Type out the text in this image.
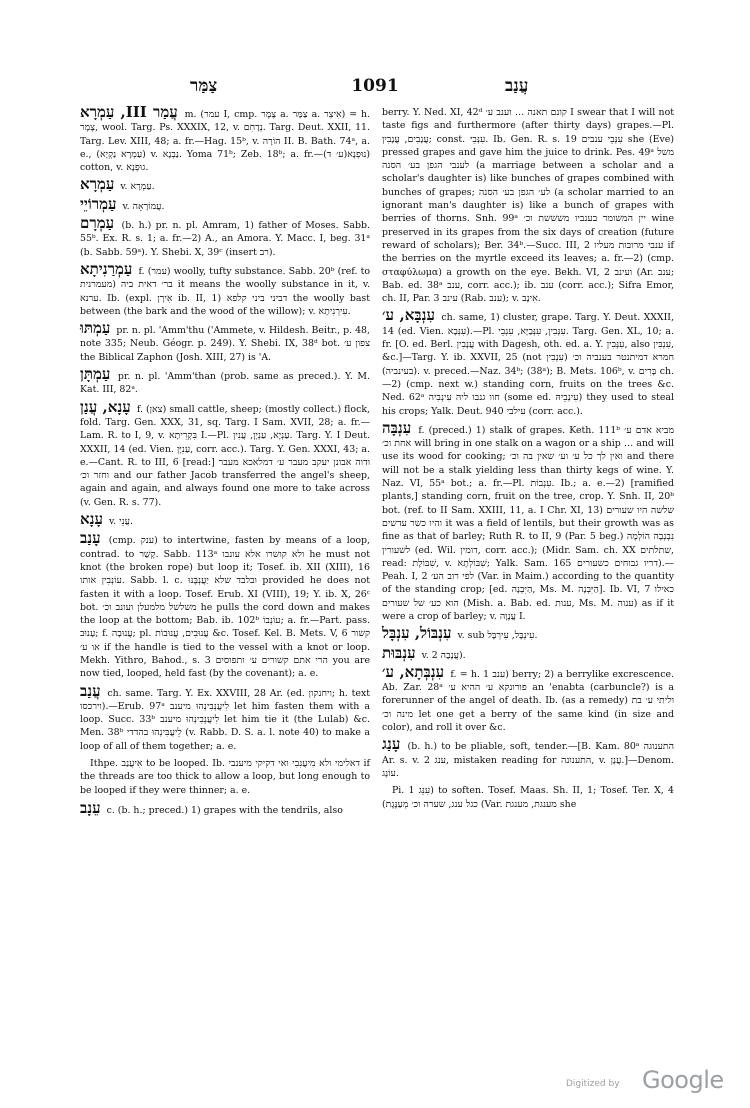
צַמַּר	1091	עֲנַב

עֲמַר III, עַמְרָא m. (עמר I, cmp. צֶמֶר a. צַמָּר a. אִיצְר) = h. צֶמֶר, wool. Targ. Ps. XXXIX, 12, v. נְדָחִם. Targ. Deut. XXII, 11. Targ. Lev. XIII, 48; a. fr.—Hag. 15ᵇ, v. הוֹרָה II. B. Bath. 74ᵃ, a. e., (עַמְרָא נַקְיָא) v. נַבְנָא. Yoma 71ᵇ; Zeb. 18ᵇ; a. fr.—(ע׳ ד)נוּפְנָא) cotton, v. גוּפְנָא.

עַמְרָא v. עַמְרָא.

עַמְרוֹיֵי v. עֲמוֹרָאָה.

עַמְרָם (b. h.) pr. n. pl. Amram, 1) father of Moses. Sabb. 55ᵇ. Ex. R. s. 1; a. fr.—2) A., an Amora. Y. Macc. I, beg. 31ᵃ (b. Sabb. 59ᵃ). Y. Shebi. X, 39ᶜ (insert רב).

עַמְרַנִיתָא f. (עמר) woolly, tufty substance. Sabb. 20ᵇ (ref. to מעמרנית) בר׳ דאית ביה it means the woolly substance in it, v. ערנא. Ib. (expl. אִירָן ib. II, 1) דביני ביני קלפא the woolly bast between (the bark and the wood of the willow); v. עִירְנִיתָא.

עַמְתּוּ pr. n. pl. 'Amm'thu ('Ammete, v. Hildesh. Beitr., p. 48, note 335; Neub. Géogr. p. 249). Y. Shebi. IX, 38ᵈ bot. צפון ע׳ the Biblical Zaphon (Josh. XIII, 27) is 'A.

עַמְתָּן pr. n. pl. 'Amm'than (prob. same as preced.). Y. M. Kat. III, 82ᵃ.

עָנָא, עֲנַן f. (צאן) small cattle, sheep; (mostly collect.) flock, fold. Targ. Gen. XXX, 31, sq. Targ. I Sam. XVII, 28; a. fr.—Lam. R. to I, 9, v. בִּקְרֵיתָא I.—Pl. עַנְיָא, עַנְיָן, עֲנִין. Targ. Y. I Deut. XXXII, 14 (ed. Vien. עַנִיָּן, corr. acc.). Targ. Y. Gen. XXXI, 43; a. e.—Cant. R. to III, 6 [read:] ודוה אבונן יעקב מעבר ע׳ דמלאכא מעבר וחזר וכ׳ and our father Jacob transferred the angel's sheep, again and again, and always found one more to take across (v. Gen. R. s. 77).

עָנָא v. עֲנֵי.

עָנַב (cmp. ענק) to intertwine, fasten by means of a loop, contrad. to קָשַׁר. Sabb. 113ᵃ ולא קושרו אלא עונבו he must not knot (the broken rope) but loop it; Tosef. ib. XII (XIII), 16 עוֹנְבִין אותו. Sabb. l. c. ובלבד שלא יַעֲנְבֶּנּוּ provided he does not fasten it with a loop. Tosef. Erub. XI (VIII), 19; Y. ib. X, 26ᶜ bot. משלשל מלמעלן ועונב וכ׳ he pulls the cord down and makes the loop at the bottom; Bab. ib. 102ᵇ עוֹנְבוֹ; a. fr.—Part. pass. עָנוּב; f. עֲנוּבָה; pl. עֲנוּבִים, עֲנוּבוֹת &c. Tosef. Kel. B. Mets. V, 6 קשור או ע׳ if the handle is tied to the vessel with a knot or loop. Mekh. Yithro, Bahod., s. 3 הרי אתם קשורים ע׳ ותפוסים you are now tied, looped, held fast (by the covenant); a. e.

עֲנַב ch. same. Targ. Y. Ex. XXVIII, 28 Ar. (ed. ויחנקון; h. text וירכסו).—Erub. 97ᵃ לִיעֲנְבִינְהוּ מיענב let him fasten them with a loop. Succ. 33ᵇ לִיעֲנְבִינְהוּ מיענב let him tie it (the Lulab) &c. Men. 38ᵇ לֵיעֲבִּינְהוּ בהדדי (v. Rabb. D. S. a. l. note 40) to make a loop of all of them together; a. e.

Ithpe. אִיעֲנַב to be looped. Ib. דאלימי ולא מִיעֲנִבִי ואי דקיקי מיענבי if the threads are too thick to allow a loop, but long enough to be looped if they were thinner; a. e.

עֵנָב c. (b. h.; preced.) 1) grapes with the tendrils, also

berry. Y. Ned. XI, 42ᵈ קונם תאנה … וענב ע׳ I swear that I will not taste figs and furthermore (after thirty days) grapes.—Pl. עֲנָבִים, עֲנָבִין; const. עִנְּבֵי. Ib. Gen. R. s. 19 עִנְּבֵי ענבים she (Eve) pressed grapes and gave him the juice to drink. Pes. 49ᵃ משל לענבי הגפן בע׳ הסנה (a marriage between a scholar and a scholar's daughter is) like bunches of grapes combined with bunches of grapes; לע׳ הגפן בע׳ הסנה (a scholar married to an ignorant man's daughter is) like a bunch of grapes with berries of thorns. Snh. 99ᵃ יין המשומר בענביו משששת וכ׳ wine preserved in its grapes from the six days of creation (future reward of scholars); Ber. 34ᵇ.—Succ. III, 2 ענבי מרובות מעליו if the berries on the myrtle exceed its leaves; a. fr.—2) (cmp. σταφύλωμα) a growth on the eye. Bekh. VI, 2 ועינב (Ar. ענב; Bab. ed. 38ᵃ ענב, corr. acc.); ib. ענב (corr. acc.); Sifra Emor, ch. II, Par. 3 עינב (Rab. ענב); v. אִינָב.

עִנְבָּא, ע׳ ch. same, 1) cluster, grape. Targ. Y. Deut. XXXII, 14 (ed. Vien. עִנְּבָא).—Pl. עִנְּבִין, עִנְּבַיָּא, עִנְבֵי. Targ. Gen. XL, 10; a. fr. [O. ed. Berl. עֲנָבִין with Dagesh, oth. ed. a. Y. עִנְּבִין, also עִנְבִּין, &c.]—Targ. Y. ib. XXVII, 25 (not עִנְבִין) חמרא דמיתנטר בענביה וכ׳ (בעינביה). v. preced.—Naz. 34ᵇ; (38ᵃ); B. Mets. 106ᵇ, v. בָּרִים ch.—2) (cmp. next w.) standing corn, fruits on the trees &c. Ned. 62ᵃ חוו גנבו ליה עִינְבִיה (some ed. עִינְבֵיהּ) they used to steal his crops; Yalk. Deut. 940 עילבי (corr. acc.).

עִנְבָּה f. (preced.) 1) stalk of grapes. Keth. 111ᵇ מביא אדם ע׳ אחת וכ׳ will bring in one stalk on a wagon or a ship … and will use its wood for cooking; ואין לך כל ע׳ וע׳ שאין בה וכ׳ and there will not be a stalk yielding less than thirty kegs of wine. Y. Naz. VI, 55ᵃ bot.; a. fr.—Pl. עִנְבוֹת. Ib.; a. e.—2) [ramified plants,] standing corn, fruit on the tree, crop. Y. Snh. II, 20ᵇ bot. (ref. to II Sam. XXIII, 11, a. I Chr. XI, 13) שלשה היו שעורים והיו כשר עדשים it was a field of lentils, but their growth was as fine as that of barley; Ruth R. to II, 9 (Par. 5 beg.) נִבְנְבָה הוֹלְמָה לשעורין (ed. Wil. דומין, corr. acc.); (Midr. Sam. ch. XX שתלתים, read: שִׁבּוֹלֶת, v. שִׁבּוֹלְתָא; Yalk. Sam. 165 דריו גבוחים כשעורים).—Peah. I, 2 לפי רוב הע׳ (Var. in Maim.) according to the quantity of the standing crop; [ed. הַיִּבְנָה, Ms. M. הַיִּבְנָה]. Ib. VI, 7 כאילו הוא כע׳ של שעורים (Mish. a. Bab. ed. ענות, Ms. M. ענוה) as if it were a crop of barley; v. עֲנָוָה I.

עִנְבּוֹל, עִנְבָּל v. sub עִינְבָּל, עִירְבָּל.

עִנְבּוּת v. עֲנָבָה 2).

עִנְבְּתָא, ע׳ f. = h. ענב 1) berry; 2) a berrylike excrescence. Ab. Zar. 28ᵃ פורונקא ע׳ ההיא ע׳ an 'enabta (carbuncle?) is a forerunner of the angel of death. Ib. (as a remedy) וליתי ע׳ בת מינה וכ׳ let one get a berry of the same kind (in size and color), and roll it over &c.

עָנַג (b. h.) to be pliable, soft, tender.—[B. Kam. 80ᵃ התענוגה Ar. s. v. ענג 2, mistaken reading for התענונה, v. עֲנָן.]—Denom. עוֹנֶג.

Pi. עִנֵּג 1) to soften. Tosef. Maas. Sh. II, 1; Tosef. Ter. X, 4 (כגל ענג, שערה וכ׳ מְעַנֶּגֶת (Var. מענגת, מענגת she

Digitized by Google
